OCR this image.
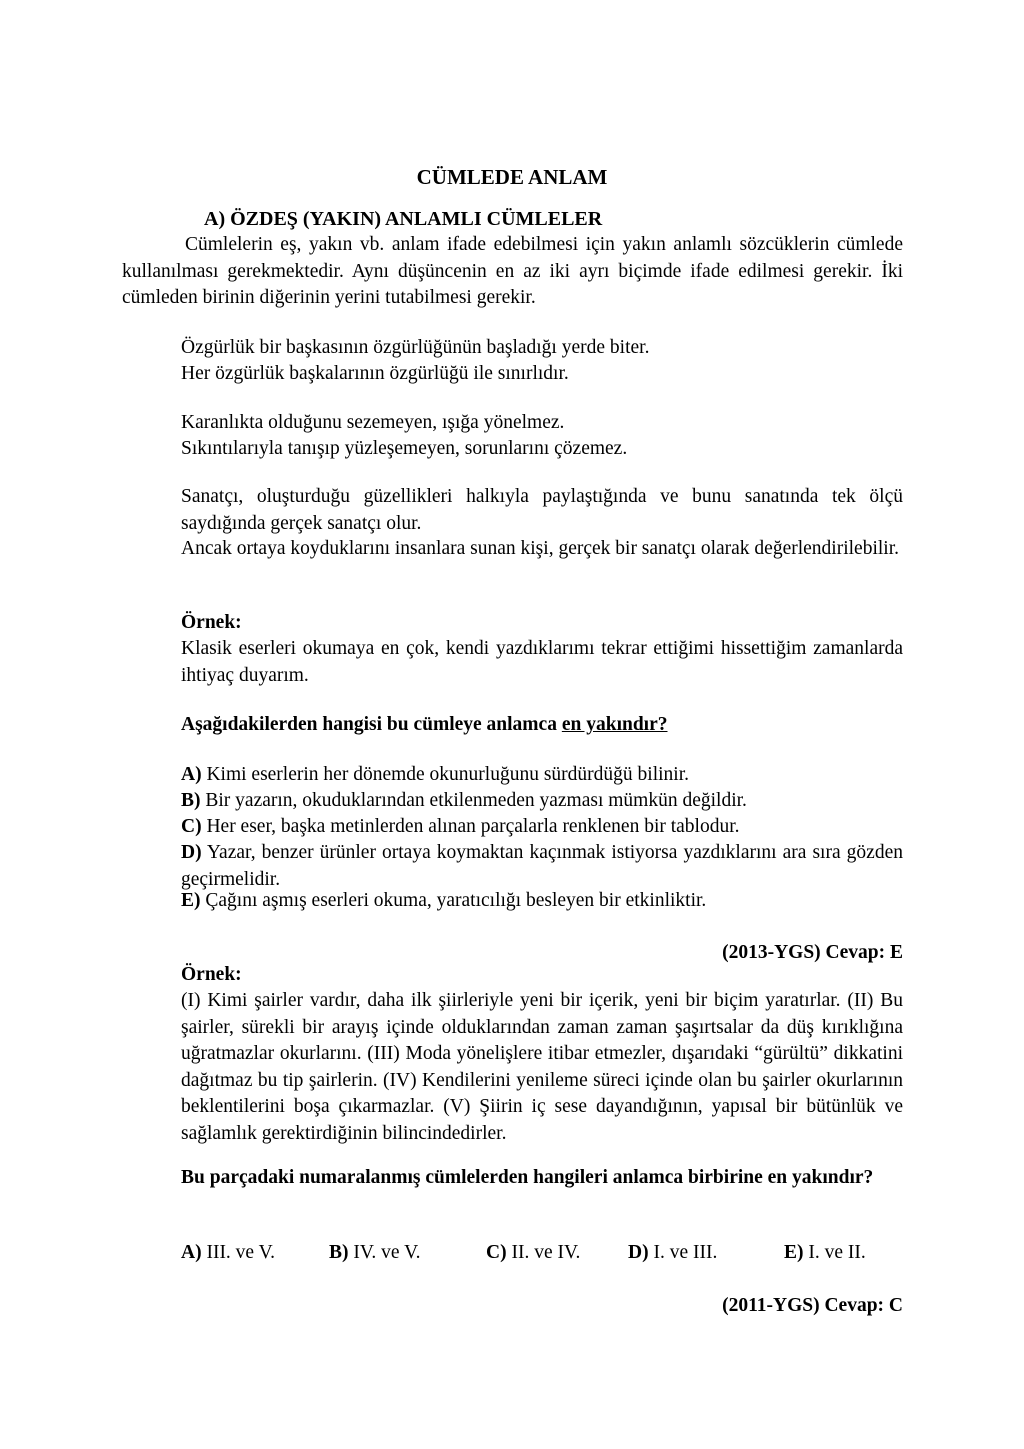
CÜMLEDE ANLAM
A) ÖZDEŞ (YAKIN) ANLAMLI CÜMLELER

Cümlelerin eş, yakın vb. anlam ifade edebilmesi için yakın anlamlı sözcüklerin cümlede kullanılması gerekmektedir. Aynı düşüncenin en az iki ayrı biçimde ifade edilmesi gerekir. İki cümleden birinin diğerinin yerini tutabilmesi gerekir.

Özgürlük bir başkasının özgürlüğünün başladığı yerde biter.

Her özgürlük başkalarının özgürlüğü ile sınırlıdır.

Karanlıkta olduğunu sezemeyen, ışığa yönelmez.

Sıkıntılarıyla tanışıp yüzleşemeyen, sorunlarını çözemez.

Sanatçı, oluşturduğu güzellikleri halkıyla paylaştığında ve bunu sanatında tek ölçü saydığında gerçek sanatçı olur.

Ancak ortaya koyduklarını insanlara sunan kişi, gerçek bir sanatçı olarak değerlendirilebilir.

Örnek:

Klasik eserleri okumaya en çok, kendi yazdıklarımı tekrar ettiğimi hissettiğim zamanlarda ihtiyaç duyarım.

Aşağıdakilerden hangisi bu cümleye anlamca en yakındır?

A) Kimi eserlerin her dönemde okunurluğunu sürdürdüğü bilinir.

B) Bir yazarın, okuduklarından etkilenmeden yazması mümkün değildir.

C) Her eser, başka metinlerden alınan parçalarla renklenen bir tablodur.

D) Yazar, benzer ürünler ortaya koymaktan kaçınmak istiyorsa yazdıklarını ara sıra gözden geçirmelidir.

E) Çağını aşmış eserleri okuma, yaratıcılığı besleyen bir etkinliktir.

(2013-YGS) Cevap: E
Örnek:

(I) Kimi şairler vardır, daha ilk şiirleriyle yeni bir içerik, yeni bir biçim yaratırlar. (II) Bu şairler, sürekli bir arayış içinde olduklarından zaman zaman şaşırtsalar da düş kırıklığına uğratmazlar okurlarını. (III) Moda yönelişlere itibar etmezler, dışarıdaki “gürültü” dikkatini dağıtmaz bu tip şairlerin. (IV) Kendilerini yenileme süreci içinde olan bu şairler okurlarının beklentilerini boşa çıkarmazlar. (V) Şiirin iç sese dayandığının, yapısal bir bütünlük ve sağlamlık gerektirdiğinin bilincindedirler.

Bu parçadaki numaralanmış cümlelerden hangileri anlamca birbirine en yakındır?

A) III. ve V.	B) IV. ve V.	C) II. ve IV.	D) I. ve III.	E) I. ve II.
(2011-YGS) Cevap: C
